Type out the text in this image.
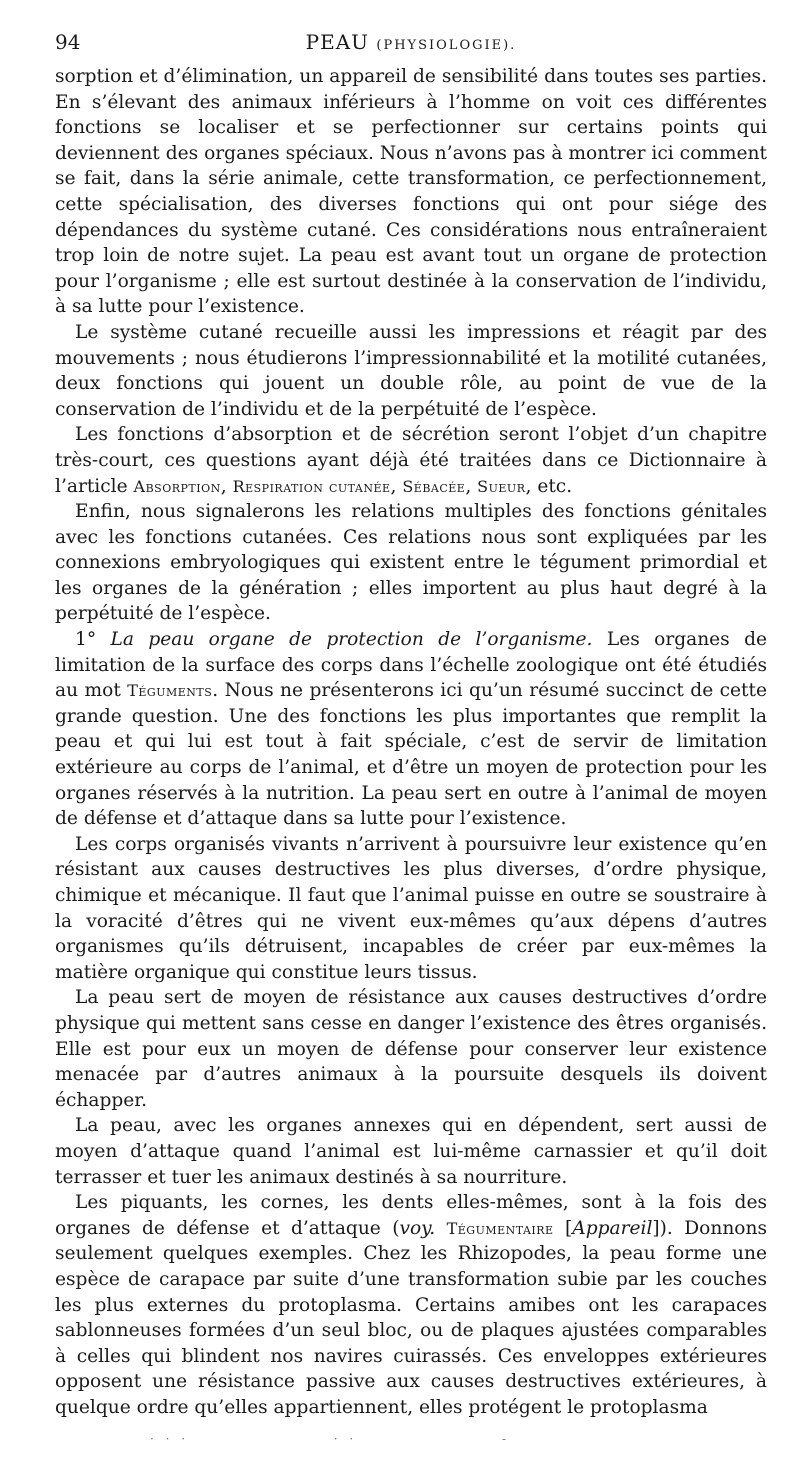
94	PEAU (PHYSIOLOGIE).

sorption et d’élimination, un appareil de sensibilité dans toutes ses parties. En s’élevant des animaux inférieurs à l’homme on voit ces différentes fonctions se localiser et se perfectionner sur certains points qui deviennent des organes spéciaux. Nous n’avons pas à montrer ici comment se fait, dans la série animale, cette transformation, ce perfectionnement, cette spécialisation, des diverses fonctions qui ont pour siége des dépendances du système cutané. Ces considérations nous entraîneraient trop loin de notre sujet. La peau est avant tout un organe de protection pour l’organisme ; elle est surtout destinée à la conservation de l’individu, à sa lutte pour l’existence.

Le système cutané recueille aussi les impressions et réagit par des mouvements ; nous étudierons l’impressionnabilité et la motilité cutanées, deux fonctions qui jouent un double rôle, au point de vue de la conservation de l’individu et de la perpétuité de l’espèce.

Les fonctions d’absorption et de sécrétion seront l’objet d’un chapitre très-court, ces questions ayant déjà été traitées dans ce Dictionnaire à l’article Absorption, Respiration cutanée, Sébacée, Sueur, etc.

Enfin, nous signalerons les relations multiples des fonctions génitales avec les fonctions cutanées. Ces relations nous sont expliquées par les connexions embryologiques qui existent entre le tégument primordial et les organes de la génération ; elles importent au plus haut degré à la perpétuité de l’espèce.

1° La peau organe de protection de l’organisme. Les organes de limitation de la surface des corps dans l’échelle zoologique ont été étudiés au mot Téguments. Nous ne présenterons ici qu’un résumé succinct de cette grande question. Une des fonctions les plus importantes que remplit la peau et qui lui est tout à fait spéciale, c’est de servir de limitation extérieure au corps de l’animal, et d’être un moyen de protection pour les organes réservés à la nutrition. La peau sert en outre à l’animal de moyen de défense et d’attaque dans sa lutte pour l’existence.

Les corps organisés vivants n’arrivent à poursuivre leur existence qu’en résistant aux causes destructives les plus diverses, d’ordre physique, chimique et mécanique. Il faut que l’animal puisse en outre se soustraire à la voracité d’êtres qui ne vivent eux-mêmes qu’aux dépens d’autres organismes qu’ils détruisent, incapables de créer par eux-mêmes la matière organique qui constitue leurs tissus.

La peau sert de moyen de résistance aux causes destructives d’ordre physique qui mettent sans cesse en danger l’existence des êtres organisés. Elle est pour eux un moyen de défense pour conserver leur existence menacée par d’autres animaux à la poursuite desquels ils doivent échapper.

La peau, avec les organes annexes qui en dépendent, sert aussi de moyen d’attaque quand l’animal est lui-même carnassier et qu’il doit terrasser et tuer les animaux destinés à sa nourriture.

Les piquants, les cornes, les dents elles-mêmes, sont à la fois des organes de défense et d’attaque (voy. Tégumentaire [Appareil]). Donnons seulement quelques exemples. Chez les Rhizopodes, la peau forme une espèce de carapace par suite d’une transformation subie par les couches les plus externes du protoplasma. Certains amibes ont les carapaces sablonneuses formées d’un seul bloc, ou de plaques ajustées comparables à celles qui blindent nos navires cuirassés. Ces enveloppes extérieures opposent une résistance passive aux causes destructives extérieures, à quelque ordre qu’elles appartiennent, elles protégent le protoplasma

· · ·	· ·	-
